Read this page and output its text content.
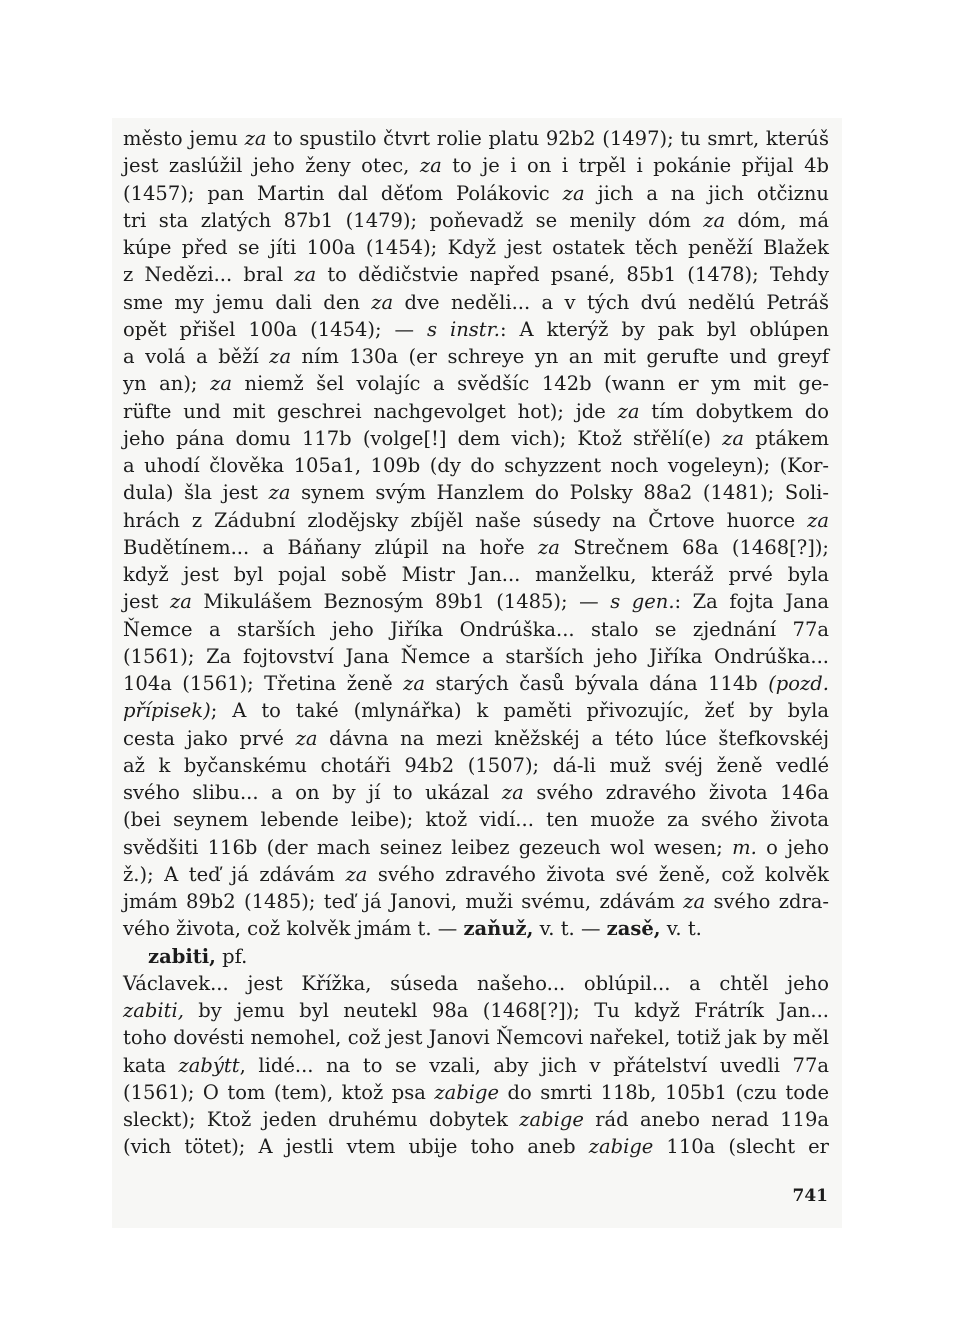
město jemu za to spustilo čtvrt rolie platu 92b2 (1497); tu smrt, kterúš
jest zaslúžil jeho ženy otec, za to je i on i trpěl i pokánie přijal 4b
(1457); pan Martin dal děťom Polákovic za jich a na jich otčiznu
tri sta zlatých 87b1 (1479); poňevadž se menily dóm za dóm, má
kúpe před se jíti 100a (1454); Když jest ostatek těch peněží Blažek
z Nedězi... bral za to dědičstvie napřed psané, 85b1 (1478); Tehdy
sme my jemu dali den za dve neděli... a v tých dvú nedělú Petráš
opět přišel 100a (1454); — s instr.: A kterýž by pak byl oblúpen
a volá a běží za ním 130a (er schreye yn an mit gerufte und greyf
yn an); za niemž šel volajíc a svědšíc 142b (wann er ym mit ge-
rüfte und mit geschrei nachgevolget hot); jde za tím dobytkem do
jeho pána domu 117b (volge[!] dem vich); Ktož střělí(e) za ptákem
a uhodí člověka 105a1, 109b (dy do schyzzent noch vogeleyn); (Kor-
dula) šla jest za synem svým Hanzlem do Polsky 88a2 (1481); Soli-
hrách z Zádubní zlodějsky zbíjěl naše súsedy na Črtove huorce za
Budětínem... a Báňany zlúpil na hoře za Strečnem 68a (1468[?]);
když jest byl pojal sobě Mistr Jan... manželku, kteráž prvé byla
jest za Mikulášem Beznosým 89b1 (1485); — s gen.: Za fojta Jana
Ňemce a starších jeho Jiříka Ondrúška... stalo se zjednání 77a
(1561); Za fojtovství Jana Ňemce a starších jeho Jiříka Ondrúška...
104a (1561); Třetina ženě za starých časů bývala dána 114b (pozd.
přípisek); A to také (mlynářka) k paměti přivozujíc, žeť by byla
cesta jako prvé za dávna na mezi kněžskéj a této lúce štefkovskéj
až k byčanskému chotáři 94b2 (1507); dá-li muž svéj ženě vedlé
svého slibu... a on by jí to ukázal za svého zdravého života 146a
(bei seynem lebende leibe); ktož vidí... ten muože za svého života
svědšiti 116b (der mach seinez leibez gezeuch wol wesen; m. o jeho
ž.); A teď já zdávám za svého zdravého života své ženě, což kolvěk
jmám 89b2 (1485); teď já Janovi, muži svému, zdávám za svého zdra-
vého života, což kolvěk jmám t. — zaňuž, v. t. — zasě, v. t.
zabiti, pf.
Václavek... jest Křížka, súseda našeho... oblúpil... a chtěl jeho
zabiti, by jemu byl neutekl 98a (1468[?]); Tu když Frátrík Jan...
toho dovésti nemohel, což jest Janovi Ňemcovi nařekel, totiž jak by měl
kata zabýtt, lidé... na to se vzali, aby jich v přátelství uvedli 77a
(1561); O tom (tem), ktož psa zabige do smrti 118b, 105b1 (czu tode
sleckt); Ktož jeden druhému dobytek zabige rád anebo nerad 119a
(vich tötet); A jestli vtem ubije toho aneb zabige 110a (slecht er
741
